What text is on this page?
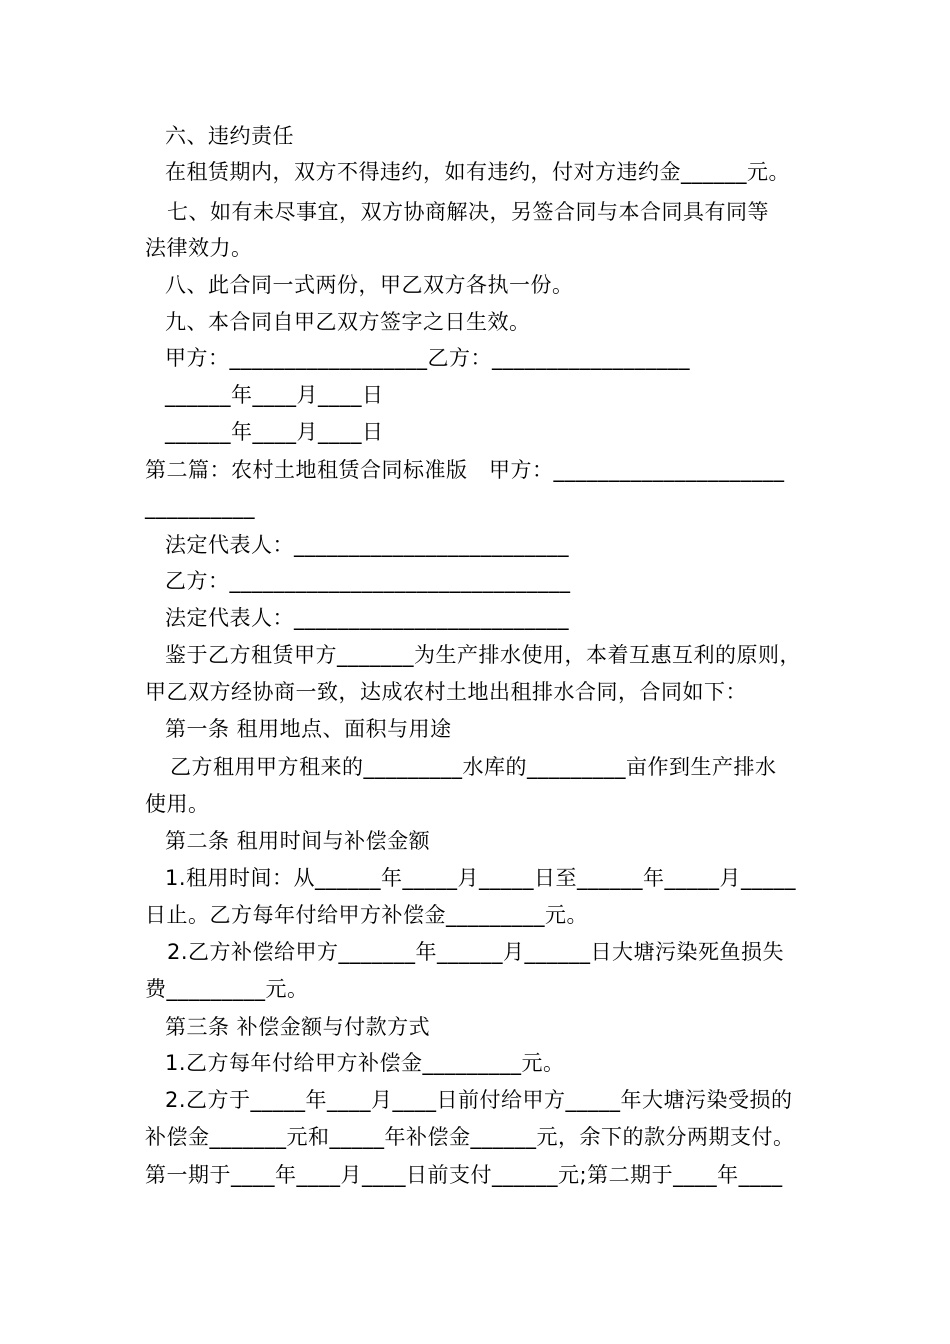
六、违约责任
在租赁期内，双方不得违约，如有违约，付对方违约金______元。
七、如有未尽事宜，双方协商解决，另签合同与本合同具有同等
法律效力。
八、此合同一式两份，甲乙双方各执一份。
九、本合同自甲乙双方签字之日生效。
甲方：__________________乙方：__________________
______年____月____日
______年____月____日
第二篇：农村土地租赁合同标准版　甲方：_____________________
__________
法定代表人：_________________________
乙方：_______________________________
法定代表人：_________________________
鉴于乙方租赁甲方_______为生产排水使用，本着互惠互利的原则，
甲乙双方经协商一致，达成农村土地出租排水合同，合同如下：
第一条 租用地点、面积与用途
乙方租用甲方租来的_________水库的_________亩作到生产排水
使用。
第二条 租用时间与补偿金额
1.租用时间：从______年_____月_____日至______年_____月_____
日止。乙方每年付给甲方补偿金_________元。
2.乙方补偿给甲方_______年______月______日大塘污染死鱼损失
费_________元。
第三条 补偿金额与付款方式
1.乙方每年付给甲方补偿金_________元。
2.乙方于_____年____月____日前付给甲方_____年大塘污染受损的
补偿金_______元和_____年补偿金______元，余下的款分两期支付。
第一期于____年____月____日前支付______元;第二期于____年____
